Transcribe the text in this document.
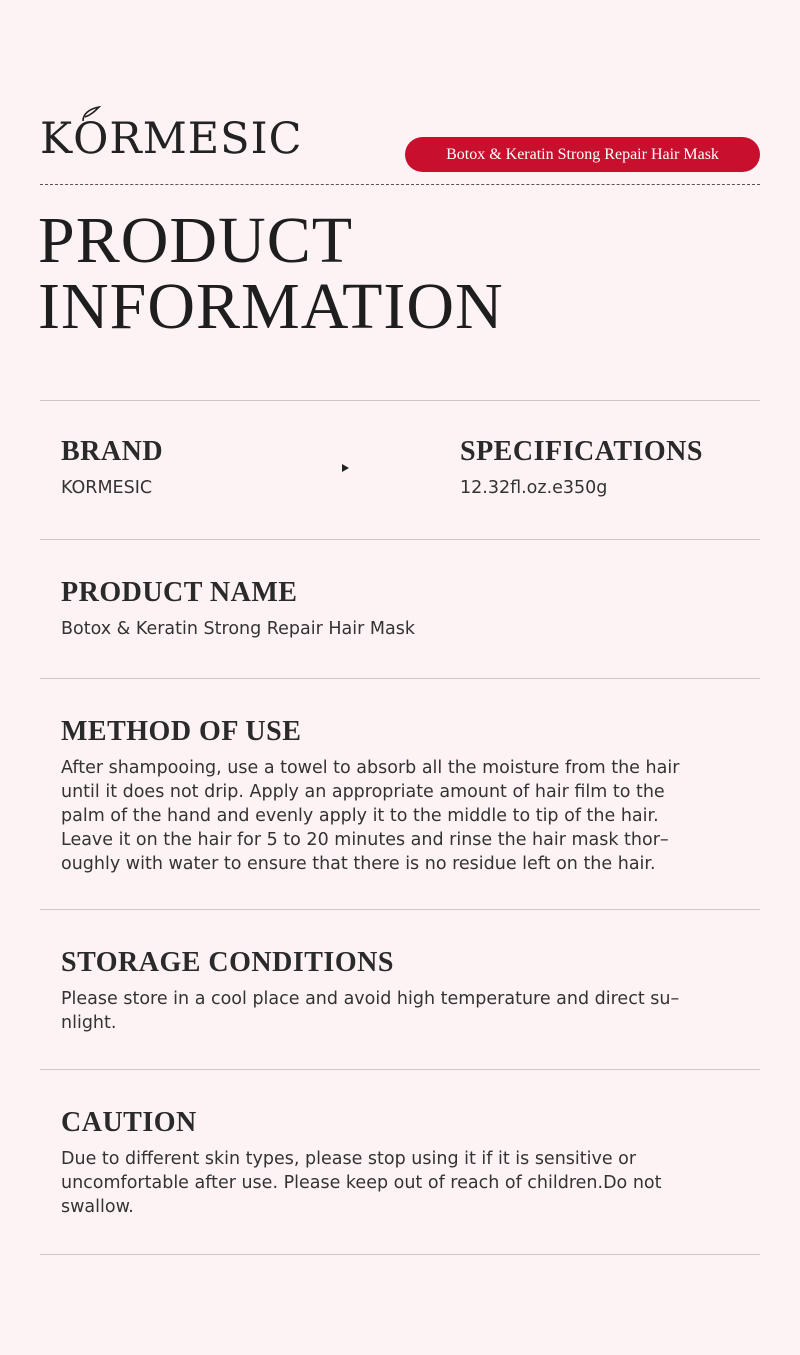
K
ORMESIC	Botox & Keratin Strong Repair Hair Mask
PRODUCT
INFORMATION
BRAND
KORMESIC
SPECIFICATIONS
12.32fl.oz.e350g
PRODUCT NAME
Botox & Keratin Strong Repair Hair Mask
METHOD OF USE
After shampooing, use a towel to absorb all the moisture from the hair
until it does not drip. Apply an appropriate amount of hair film to the
palm of the hand and evenly apply it to the middle to tip of the hair.
Leave it on the hair for 5 to 20 minutes and rinse the hair mask thor–
oughly with water to ensure that there is no residue left on the hair.
STORAGE CONDITIONS
Please store in a cool place and avoid high temperature and direct su–
nlight.
CAUTION
Due to different skin types, please stop using it if it is sensitive or
uncomfortable after use. Please keep out of reach of children.Do not
swallow.
